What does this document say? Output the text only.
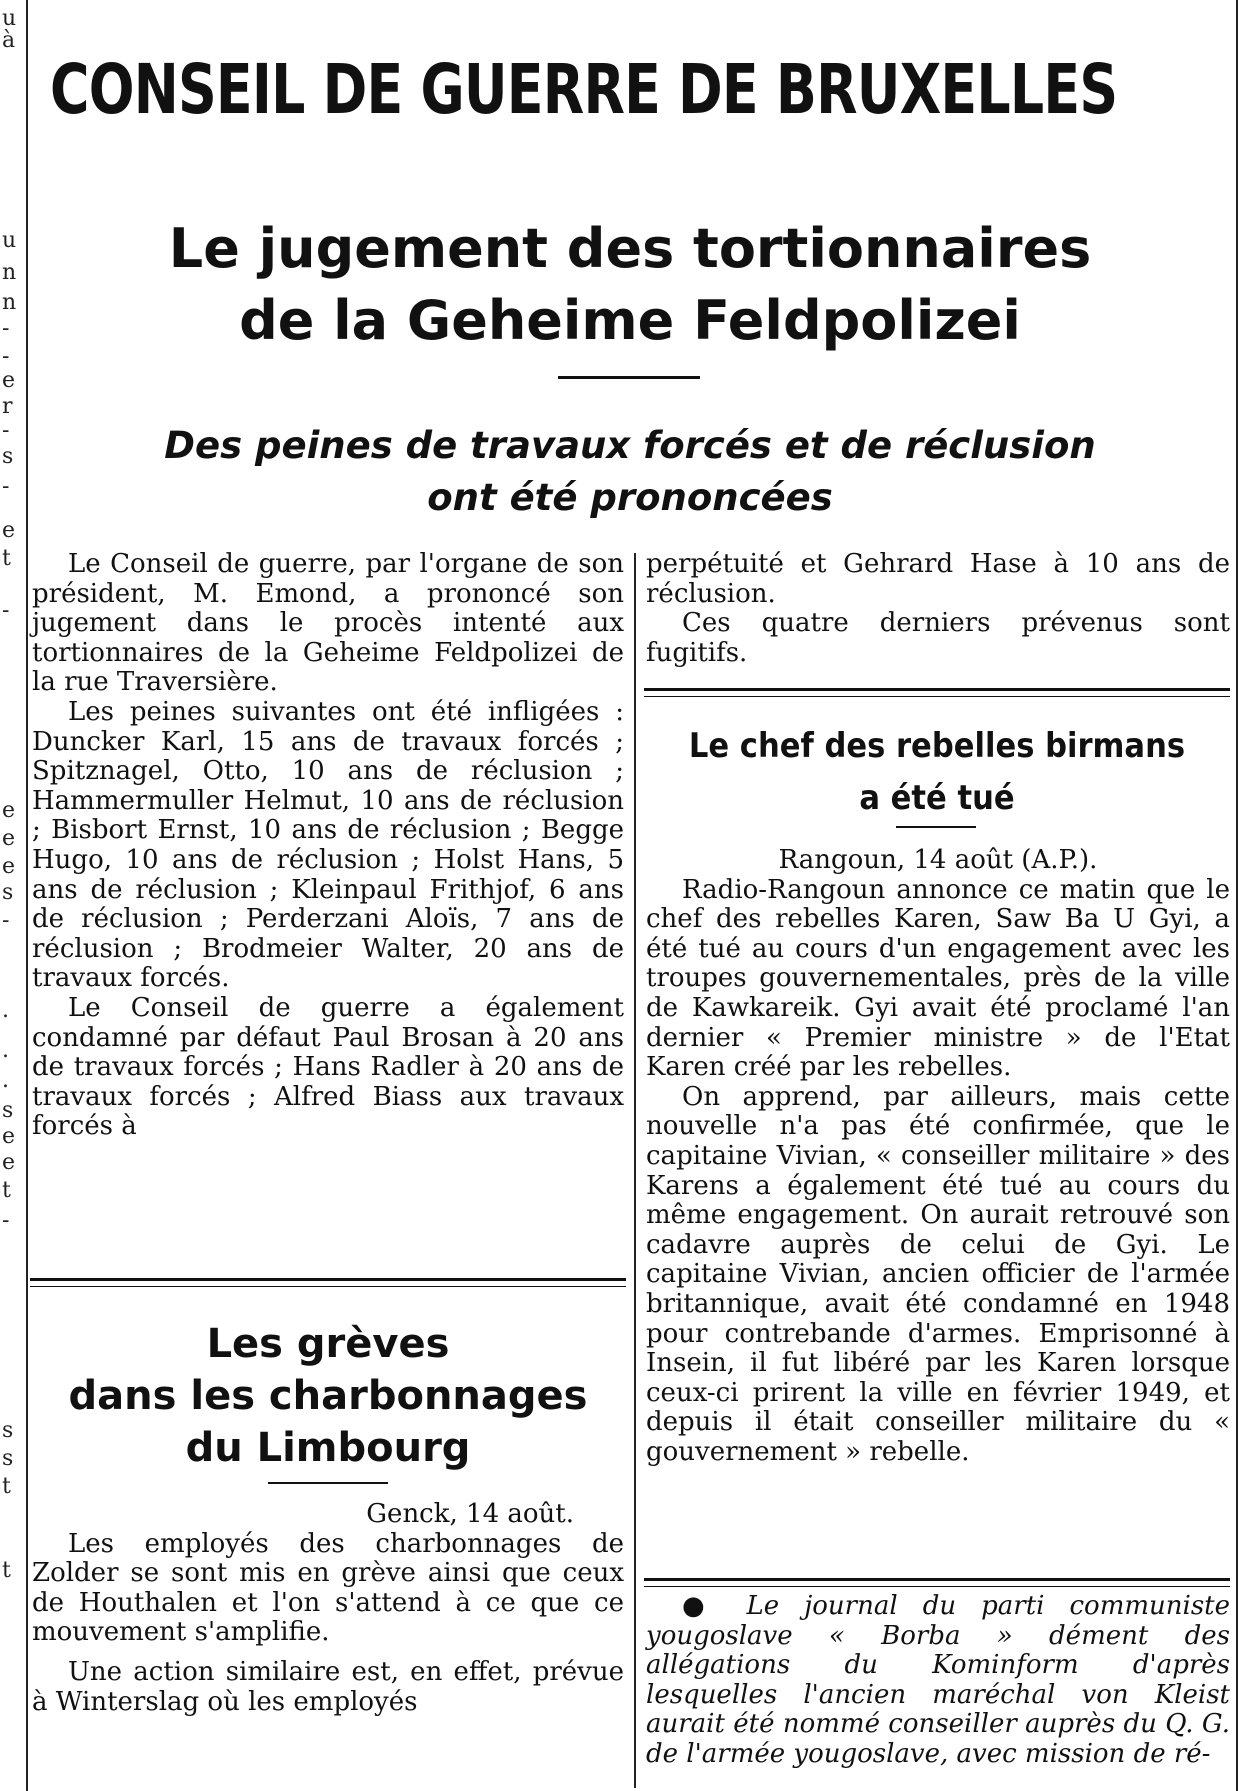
u
à
u
n
n
-
-
e
r
-
s
-
e
t
-
e
e
e
s
-
.
.
.
s
e
e
t
-
s
s
t
t
CONSEIL DE GUERRE DE BRUXELLES
Le jugement des tortionnaires
de la Geheime Feldpolizei
Des peines de travaux forcés et de réclusion
ont été prononcées

Le Conseil de guerre, par l'organe de son président, M. Emond, a prononcé son jugement dans le procès intenté aux tortionnaires de la Geheime Feldpolizei de la rue Traversière.

Les peines suivantes ont été infligées : Duncker Karl, 15 ans de travaux forcés ; Spitznagel, Otto, 10 ans de réclusion ; Hammermuller Helmut, 10 ans de réclusion ; Bisbort Ernst, 10 ans de réclusion ; Begge Hugo, 10 ans de réclusion ; Holst Hans, 5 ans de réclusion ; Kleinpaul Frithjof, 6 ans de réclusion ; Perderzani Aloïs, 7 ans de réclusion ; Brodmeier Walter, 20 ans de travaux forcés.

Le Conseil de guerre a également condamné par défaut Paul Brosan à 20 ans de travaux forcés ; Hans Radler à 20 ans de travaux forcés ; Alfred Biass aux travaux forcés à

perpétuité et Gehrard Hase à 10 ans de réclusion.

Ces quatre derniers prévenus sont fugitifs.

Le chef des rebelles birmans
a été tué
Rangoun, 14 août (A.P.).

Radio-Rangoun annonce ce matin que le chef des rebelles Karen, Saw Ba U Gyi, a été tué au cours d'un engagement avec les troupes gouvernementales, près de la ville de Kawkareik. Gyi avait été proclamé l'an dernier « Premier ministre » de l'Etat Karen créé par les rebelles.

On apprend, par ailleurs, mais cette nouvelle n'a pas été confirmée, que le capitaine Vivian, « conseiller militaire » des Karens a également été tué au cours du même engagement. On aurait retrouvé son cadavre auprès de celui de Gyi. Le capitaine Vivian, ancien officier de l'armée britannique, avait été condamné en 1948 pour contrebande d'armes. Emprisonné à Insein, il fut libéré par les Karen lorsque ceux-ci prirent la ville en février 1949, et depuis il était conseiller militaire du « gouvernement » rebelle.

● Le journal du parti communiste yougoslave « Borba » dément des allégations du Kominform d'après lesquelles l'ancien maréchal von Kleist aurait été nommé conseiller auprès du Q. G. de l'armée yougoslave, avec mission de ré-

Les grèves
dans les charbonnages
du Limbourg
Genck, 14 août.

Les employés des charbonnages de Zolder se sont mis en grève ainsi que ceux de Houthalen et l'on s'attend à ce que ce mouvement s'amplifie.

Une action similaire est, en effet, prévue à Winterslag où les employés
